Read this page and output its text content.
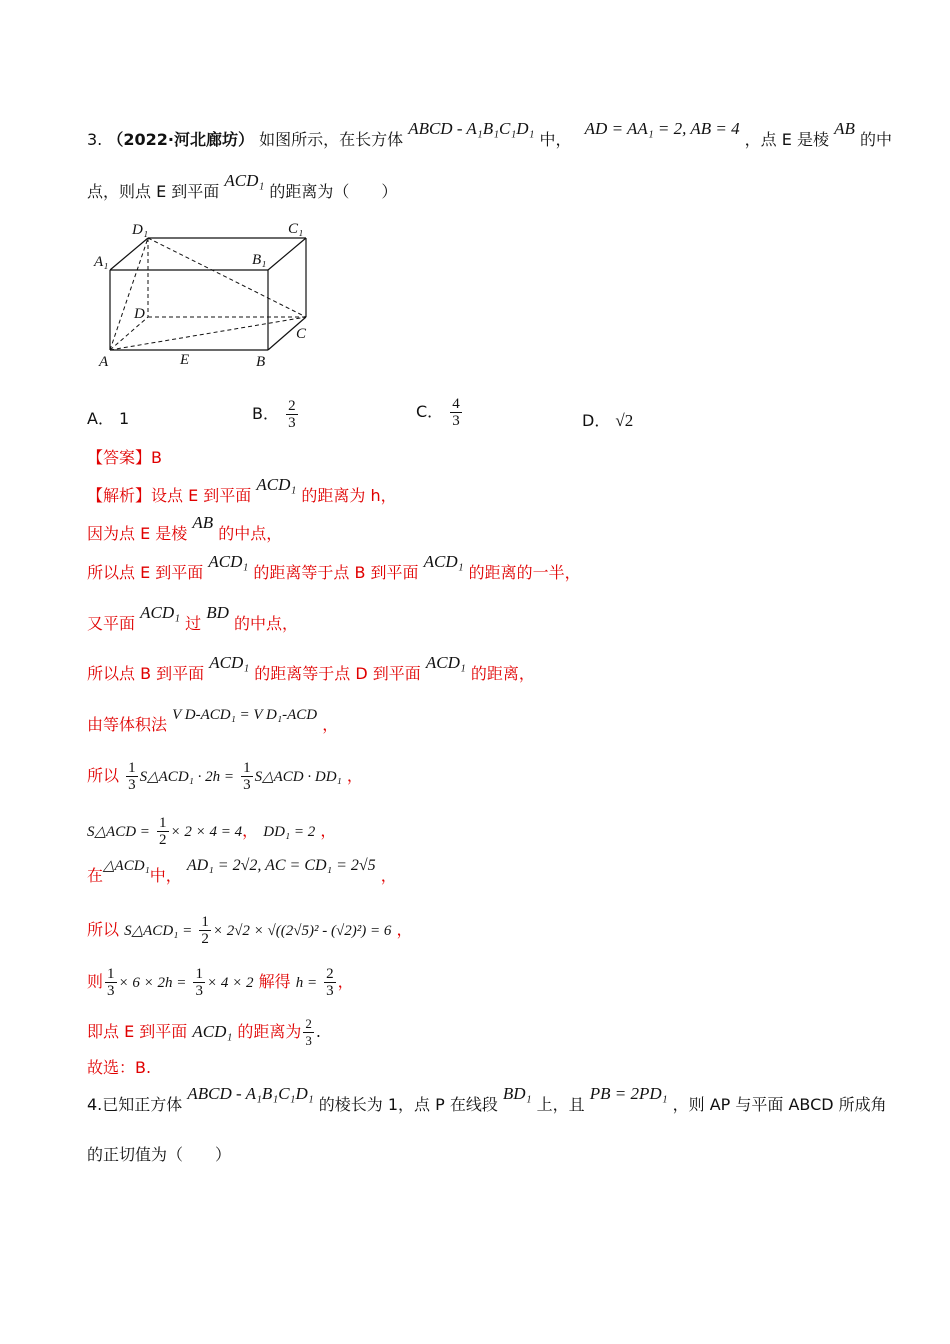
3. （2022·河北廊坊） 如图所示，在长方体 ABCD - A₁B₁C₁D₁ 中， AD = AA₁ = 2, AB = 4 ，点 E 是棱 AB 的中
点，则点 E 到平面 ACD₁ 的距离为（　　）
D₁	C₁
A₁	B₁
D
C
A	E	B
A． 1	B． $\frac{2}{3}$	C． $\frac{4}{3}$	D． √2
【答案】B
【解析】设点 E 到平面 ACD₁ 的距离为 h，
因为点 E 是棱 AB 的中点，
所以点 E 到平面 ACD₁ 的距离等于点 B 到平面 ACD₁ 的距离的一半，
又平面 ACD₁ 过 BD 的中点，
所以点 B 到平面 ACD₁ 的距离等于点 D 到平面 ACD₁ 的距离，
由等体积法 V D-ACD₁ = V D₁-ACD ，
所以 $\frac{1}{3}$ S△ACD₁ · $2h = \frac{1}{3}$ S△ACD · DD₁ ，
S△ACD = $\frac{1}{2} \times 2 \times 4 = 4$， DD₁ = 2 ，
在△ACD₁中， AD₁ = 2√2, AC = CD₁ = 2√5 ，
所以 S△ACD₁ = $\frac{1}{2} \times 2√2 \times √((2√5)^2 - (√2)^2) = 6$ ，
则 $\frac{1}{3} \times 6 \times 2h = \frac{1}{3} \times 4 \times 2$ 解得 $h = \frac{2}{3}$ ，
即点 E 到平面 ACD₁ 的距离为 $\frac{2}{3}$ .
故选：B.
4.已知正方体 ABCD - A₁B₁C₁D₁ 的棱长为 1，点 P 在线段 BD₁ 上，且 PB = 2PD₁ ，则 AP 与平面 ABCD 所成角
的正切值为（　　）
